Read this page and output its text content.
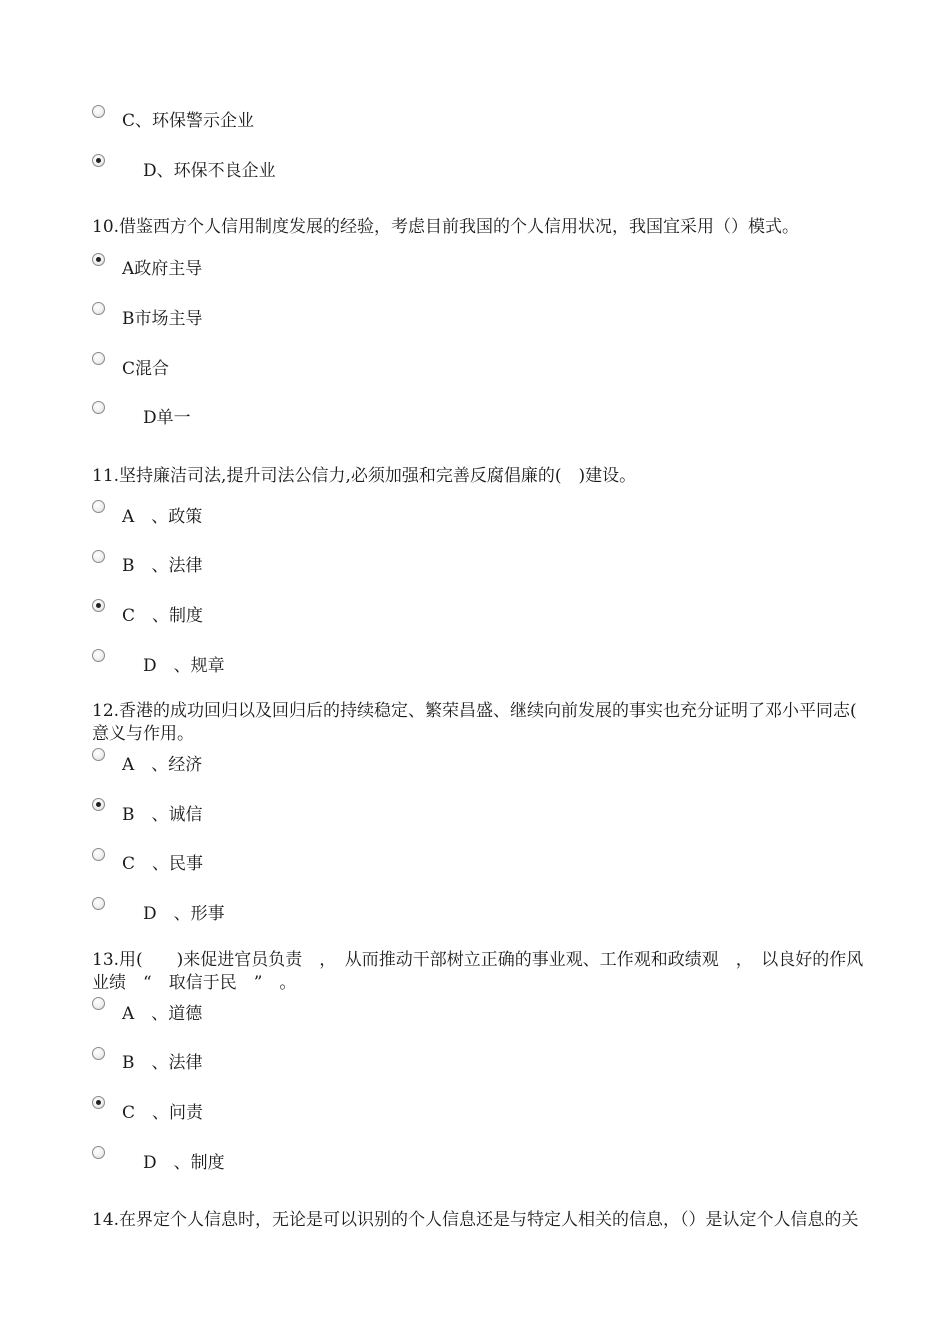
C、环保警示企业
D、环保不良企业
10.借鉴西方个人信用制度发展的经验，考虑目前我国的个人信用状况，我国宜采用（）模式。
A政府主导
B市场主导
C混合
D单一
11.坚持廉洁司法,提升司法公信力,必须加强和完善反腐倡廉的(　)建设。
A　、政策
B　、法律
C　、制度
D　、规章
12.香港的成功回归以及回归后的持续稳定、繁荣昌盛、继续向前发展的事实也充分证明了邓小平同志(
意义与作用。
A　、经济
B　、诚信
C　、民事
D　、形事
13.用(　　)来促进官员负责　，　从而推动干部树立正确的事业观、工作观和政绩观　，　以良好的作风
业绩　“　取信于民　”　。
A　、道德
B　、法律
C　、问责
D　、制度
14.在界定个人信息时，无论是可以识别的个人信息还是与特定人相关的信息，（）是认定个人信息的关
